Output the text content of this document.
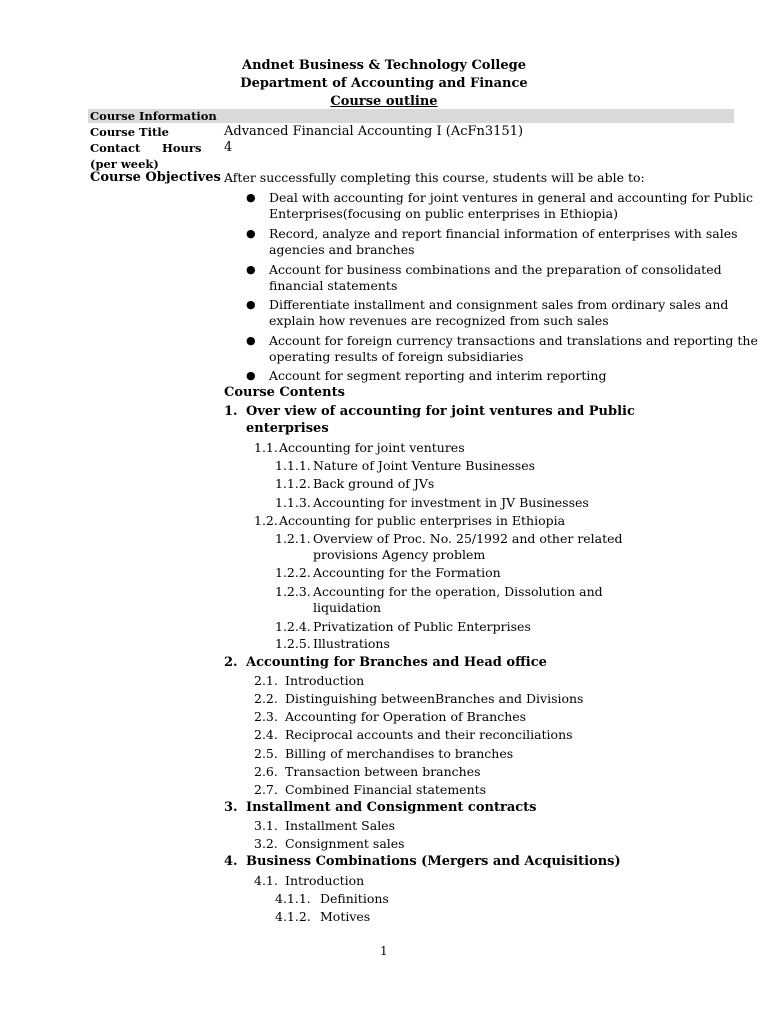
Andnet Business & Technology College
Department of Accounting and Finance
Course outline
Course Information
Course Title	Advanced Financial Accounting I (AcFn3151)
Contact Hours
(per week)
4
Course Objectives After successfully completing this course, students will be able to:
● Deal with accounting for joint ventures in general and accounting for Public
Enterprises(focusing on public enterprises in Ethiopia)
● Record, analyze and report financial information of enterprises with sales
agencies and branches
● Account for business combinations and the preparation of consolidated
financial statements
● Differentiate installment and consignment sales from ordinary sales and
explain how revenues are recognized from such sales
● Account for foreign currency transactions and translations and reporting the
operating results of foreign subsidiaries
● Account for segment reporting and interim reporting
Course Contents
1. Over view of accounting for joint ventures and Public
enterprises
1.1. Accounting for joint ventures
1.1.1. Nature of Joint Venture Businesses
1.1.2. Back ground of JVs
1.1.3. Accounting for investment in JV Businesses
1.2. Accounting for public enterprises in Ethiopia
1.2.1. Overview of Proc. No. 25/1992 and other related
provisions Agency problem
1.2.2. Accounting for the Formation
1.2.3. Accounting for the operation, Dissolution and
liquidation
1.2.4. Privatization of Public Enterprises
1.2.5. Illustrations
2. Accounting for Branches and Head office
2.1. Introduction
2.2. Distinguishing betweenBranches and Divisions
2.3. Accounting for Operation of Branches
2.4. Reciprocal accounts and their reconciliations
2.5. Billing of merchandises to branches
2.6. Transaction between branches
2.7. Combined Financial statements
3. Installment and Consignment contracts
3.1. Installment Sales
3.2. Consignment sales
4. Business Combinations (Mergers and Acquisitions)
4.1. Introduction
4.1.1. Definitions
4.1.2. Motives
1
